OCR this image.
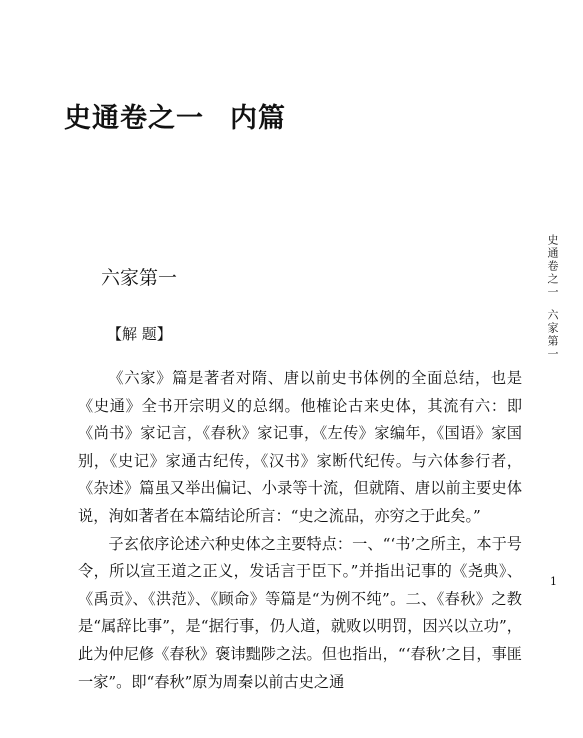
史通卷之一 内篇
六家第一
【解 题】

《六家》篇是著者对隋、唐以前史书体例的全面总结，也是《史通》全书开宗明义的总纲。他榷论古来史体，其流有六：即《尚书》家记言，《春秋》家记事，《左传》家编年，《国语》家国别，《史记》家通古纪传，《汉书》家断代纪传。与六体参行者，《杂述》篇虽又举出偏记、小录等十流，但就隋、唐以前主要史体说，洵如著者在本篇结论所言：“史之流品，亦穷之于此矣。”

子玄依序论述六种史体之主要特点：一、“‘书’之所主，本于号令，所以宣王道之正义，发话言于臣下。”并指出记事的《尧典》、《禹贡》、《洪范》、《顾命》等篇是“为例不纯”。二、《春秋》之教是“属辞比事”，是“据行事，仍人道，就败以明罚，因兴以立功”，此为仲尼修《春秋》褒讳黜陟之法。但也指出，“‘春秋’之目，事匪一家”。即“春秋”原为周秦以前古史之通

史通卷之一六家第一
1
